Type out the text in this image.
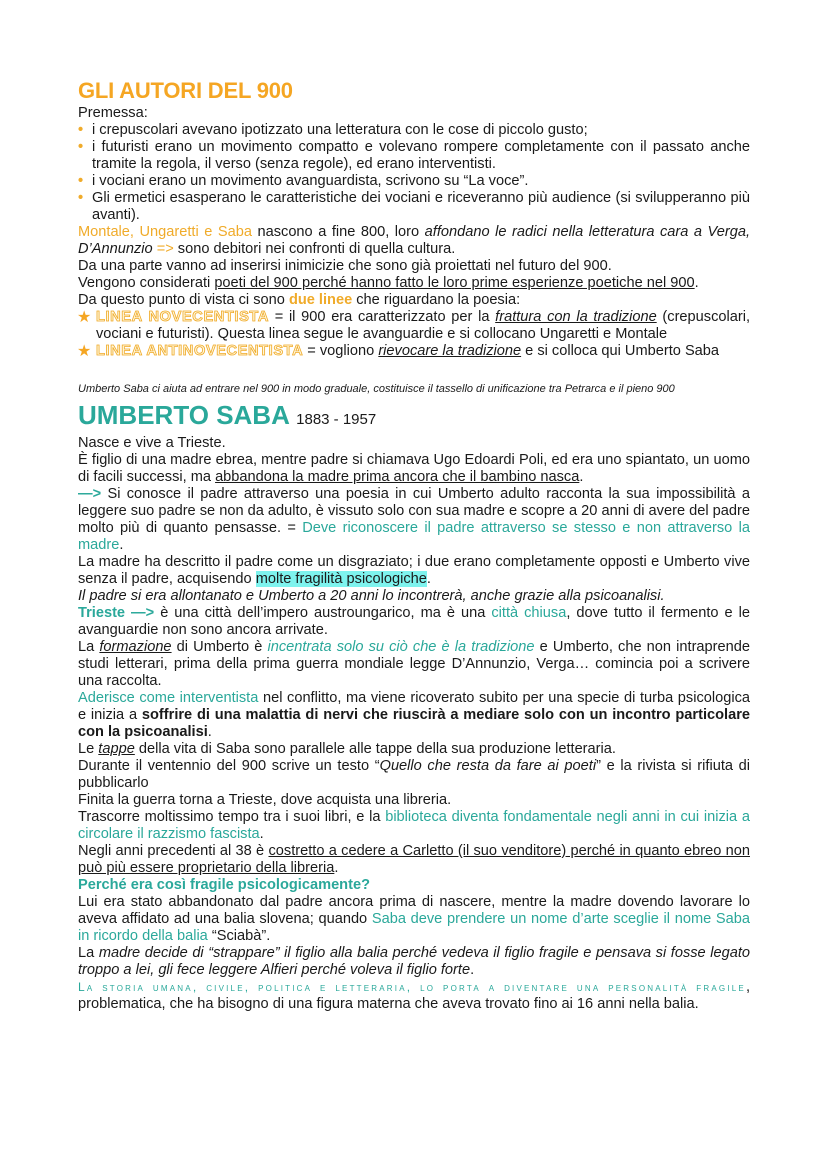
GLI AUTORI DEL 900

Premessa:

• i crepuscolari avevano ipotizzato una letteratura con le cose di piccolo gusto;
• i futuristi erano un movimento compatto e volevano rompere completamente con il passato anche tramite la regola, il verso (senza regole), ed erano interventisti.
• i vociani erano un movimento avanguardista, scrivono su “La voce”.
• Gli ermetici esasperano le caratteristiche dei vociani e riceveranno più audience (si svilupperanno più avanti).

Montale, Ungaretti e Saba nascono a fine 800, loro affondano le radici nella letteratura cara a Verga, D’Annunzio => sono debitori nei confronti di quella cultura.

Da una parte vanno ad inserirsi inimicizie che sono già proiettati nel futuro del 900.

Vengono considerati poeti del 900 perché hanno fatto le loro prime esperienze poetiche nel 900.

Da questo punto di vista ci sono due linee che riguardano la poesia:

★ LINEA NOVECENTISTA = il 900 era caratterizzato per la frattura con la tradizione (crepuscolari, vociani e futuristi). Questa linea segue le avanguardie e si collocano Ungaretti e Montale

★ LINEA ANTINOVECENTISTA = vogliono rievocare la tradizione e si colloca qui Umberto Saba

Umberto Saba ci aiuta ad entrare nel 900 in modo graduale, costituisce il tassello di unificazione tra Petrarca e il pieno 900

UMBERTO SABA 1883 - 1957

Nasce e vive a Trieste.

È figlio di una madre ebrea, mentre padre si chiamava Ugo Edoardi Poli, ed era uno spiantato, un uomo di facili successi, ma abbandona la madre prima ancora che il bambino nasca.

—> Si conosce il padre attraverso una poesia in cui Umberto adulto racconta la sua impossibilità a leggere suo padre se non da adulto, è vissuto solo con sua madre e scopre a 20 anni di avere del padre molto più di quanto pensasse. = Deve riconoscere il padre attraverso se stesso e non attraverso la madre.

La madre ha descritto il padre come un disgraziato; i due erano completamente opposti e Umberto vive senza il padre, acquisendo molte fragilità psicologiche.

Il padre si era allontanato e Umberto a 20 anni lo incontrerà, anche grazie alla psicoanalisi.

Trieste —> è una città dell’impero austroungarico, ma è una città chiusa, dove tutto il fermento e le avanguardie non sono ancora arrivate.

La formazione di Umberto è incentrata solo su ciò che è la tradizione e Umberto, che non intraprende studi letterari, prima della prima guerra mondiale legge D’Annunzio, Verga… comincia poi a scrivere una raccolta.

Aderisce come interventista nel conflitto, ma viene ricoverato subito per una specie di turba psicologica e inizia a soffrire di una malattia di nervi che riuscirà a mediare solo con un incontro particolare con la psicoanalisi.

Le tappe della vita di Saba sono parallele alle tappe della sua produzione letteraria.

Durante il ventennio del 900 scrive un testo “Quello che resta da fare ai poeti” e la rivista si rifiuta di pubblicarlo

Finita la guerra torna a Trieste, dove acquista una libreria.

Trascorre moltissimo tempo tra i suoi libri, e la biblioteca diventa fondamentale negli anni in cui inizia a circolare il razzismo fascista.

Negli anni precedenti al 38 è costretto a cedere a Carletto (il suo venditore) perché in quanto ebreo non può più essere proprietario della libreria.

Perché era così fragile psicologicamente?

Lui era stato abbandonato dal padre ancora prima di nascere, mentre la madre dovendo lavorare lo aveva affidato ad una balia slovena; quando Saba deve prendere un nome d’arte sceglie il nome Saba in ricordo della balia “Sciabà”.

La madre decide di “strappare” il figlio alla balia perché vedeva il figlio fragile e pensava si fosse legato troppo a lei, gli fece leggere Alfieri perché voleva il figlio forte.

La storia umana, civile, politica e letteraria, lo porta a diventare una personalità fragile, problematica, che ha bisogno di una figura materna che aveva trovato fino ai 16 anni nella balia.
